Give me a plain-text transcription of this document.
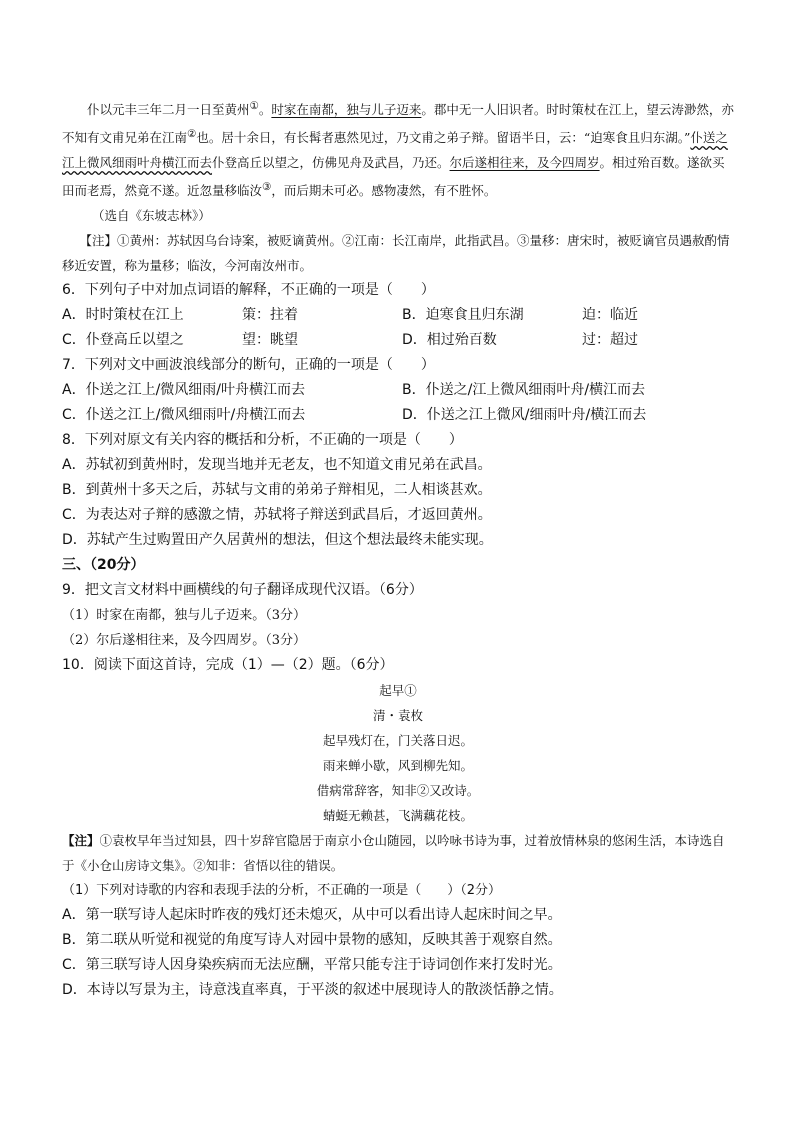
仆以元丰三年二月一日至黄州①。时家在南都，独与儿子迈来。郡中无一人旧识者。时时策杖在江上，望云涛渺然，亦不知有文甫兄弟在江南②也。居十余日，有长髯者惠然见过，乃文甫之弟子辩。留语半日，云：“迫寒食且归东湖。”仆送之江上微风细雨叶舟横江而去仆登高丘以望之，仿佛见舟及武昌，乃还。尔后遂相往来，及今四周岁。相过殆百数。遂欲买田而老焉，然竟不遂。近忽量移临汝③，而后期未可必。感物凄然，有不胜怀。

（选自《东坡志林》）

【注】①黄州：苏轼因乌台诗案，被贬谪黄州。②江南：长江南岸，此指武昌。③量移：唐宋时，被贬谪官员遇赦酌情移近安置，称为量移；临汝，今河南汝州市。

6．下列句子中对加点词语的解释，不正确的一项是（　　）

A．时时策杖在江上	策：拄着	B．迫寒食且归东湖	迫：临近
C．仆登高丘以望之	望：眺望	D．相过殆百数	过：超过

7．下列对文中画波浪线部分的断句，正确的一项是（　　）

A．仆送之江上/微风细雨/叶舟横江而去	B．仆送之/江上微风细雨叶舟/横江而去
C．仆送之江上/微风细雨叶/舟横江而去	D．仆送之江上微风/细雨叶舟/横江而去

8．下列对原文有关内容的概括和分析，不正确的一项是（　　）

A．苏轼初到黄州时，发现当地并无老友，也不知道文甫兄弟在武昌。

B．到黄州十多天之后，苏轼与文甫的弟弟子辩相见，二人相谈甚欢。

C．为表达对子辩的感激之情，苏轼将子辩送到武昌后，才返回黄州。

D．苏轼产生过购置田产久居黄州的想法，但这个想法最终未能实现。

三、（20分）

9．把文言文材料中画横线的句子翻译成现代汉语。（6分）

（1）时家在南都，独与儿子迈来。（3分）

（2）尔后遂相往来，及今四周岁。（3分）

10．阅读下面这首诗，完成（1）—（2）题。（6分）

起早①

清・袁枚

起早残灯在，门关落日迟。

雨来蝉小歇，风到柳先知。

借病常辞客，知非②又改诗。

蜻蜓无赖甚，飞满藕花枝。

【注】①袁枚早年当过知县，四十岁辞官隐居于南京小仓山随园，以吟咏书诗为事，过着放情林泉的悠闲生活，本诗选自于《小仓山房诗文集》。②知非：省悟以往的错误。

（1）下列对诗歌的内容和表现手法的分析，不正确的一项是（　　）（2分）

A．第一联写诗人起床时昨夜的残灯还未熄灭，从中可以看出诗人起床时间之早。

B．第二联从听觉和视觉的角度写诗人对园中景物的感知，反映其善于观察自然。

C．第三联写诗人因身染疾病而无法应酬，平常只能专注于诗词创作来打发时光。

D．本诗以写景为主，诗意浅直率真，于平淡的叙述中展现诗人的散淡恬静之情。
